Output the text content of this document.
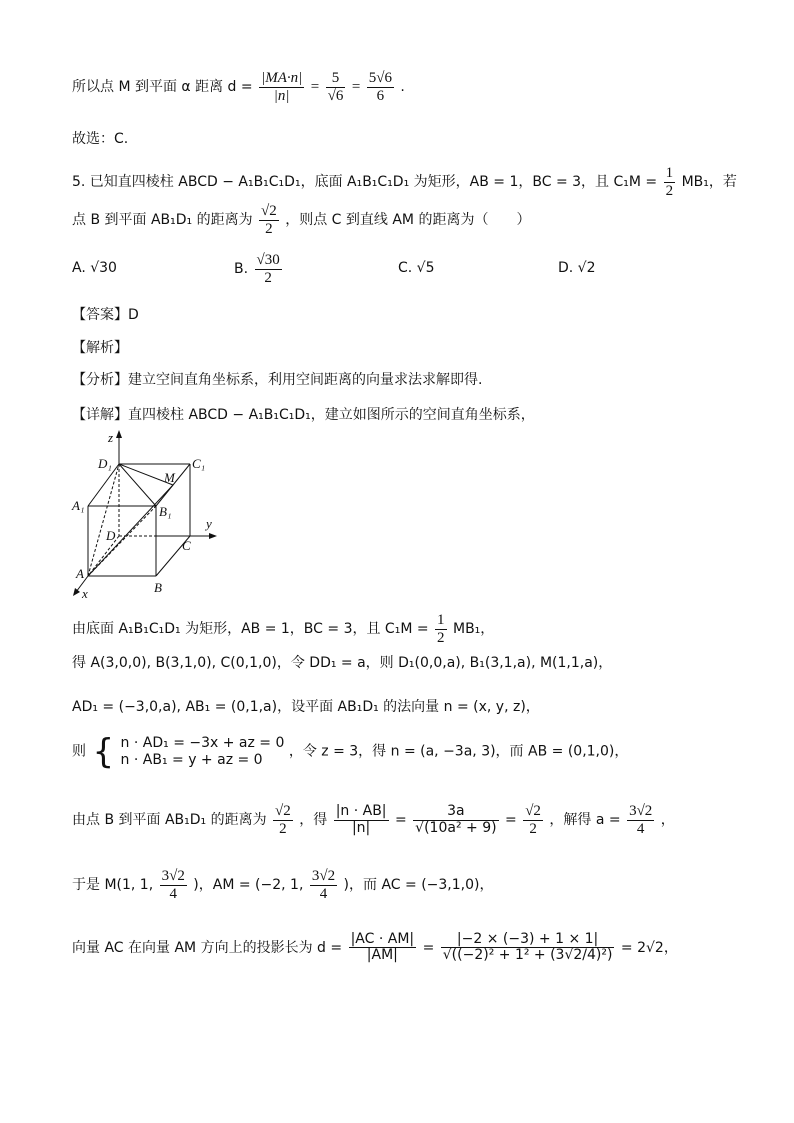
所以点 M 到平面 α 距离 $d = \frac{|MA\cdot n|}{|n|} = \frac{5}{√6} = \frac{5√6}{6}$ .
故选：C.
5. 已知直四棱柱 ABCD − A₁B₁C₁D₁，底面 A₁B₁C₁D₁ 为矩形，AB = 1，BC = 3，且 $C_1M = \frac{1}{2} MB_1$，若
点 B 到平面 AB₁D₁ 的距离为 $\frac{√2}{2}$ ，则点 C 到直线 AM 的距离为（　　）
A. √30	B. $\frac{√30}{2}$	C. √5	D. √2
【答案】D
【解析】
【分析】建立空间直角坐标系，利用空间距离的向量求法求解即得.
【详解】直四棱柱 ABCD − A₁B₁C₁D₁，建立如图所示的空间直角坐标系，
z
y
x
D₁	C₁
A₁	B₁
M
D
C
A
B
由底面 A₁B₁C₁D₁ 为矩形，AB = 1，BC = 3，且 $C_1M = \frac{1}{2} MB_1$，
得 A(3,0,0), B(3,1,0), C(0,1,0)，令 DD₁ = a，则 D₁(0,0,a), B₁(3,1,a), M(1,1,a)，
AD₁ = (−3,0,a), AB₁ = (0,1,a)，设平面 AB₁D₁ 的法向量 n = (x, y, z)，
则 { n · AD₁ = −3x + az = 0
n · AB₁ = y + az = 0
，令 z = 3，得 n = (a, −3a, 3)，而 AB = (0,1,0)，
由点 B 到平面 AB₁D₁ 的距离为 $\frac{√2}{2}$ ，得 $\frac{|n \cdot AB|}{|n|} = \frac{3a}{\text{√(10a² + 9)}} = \frac{√2}{2}$ ，解得 $a = \frac{3√2}{4}$ ，
于是 M(1, 1, $\frac{3√2}{4}$ )，AM = (−2, 1, $\frac{3√2}{4}$ )，而 AC = (−3,1,0)，
向量 AC 在向量 AM 方向上的投影长为 $d = \frac{|AC \cdot AM|}{|AM|} = \frac{|-2 \times (-3) + 1 \times 1|}{\text{√((−2)² + 1² + (3√2/4)²)}} = 2√2$，
